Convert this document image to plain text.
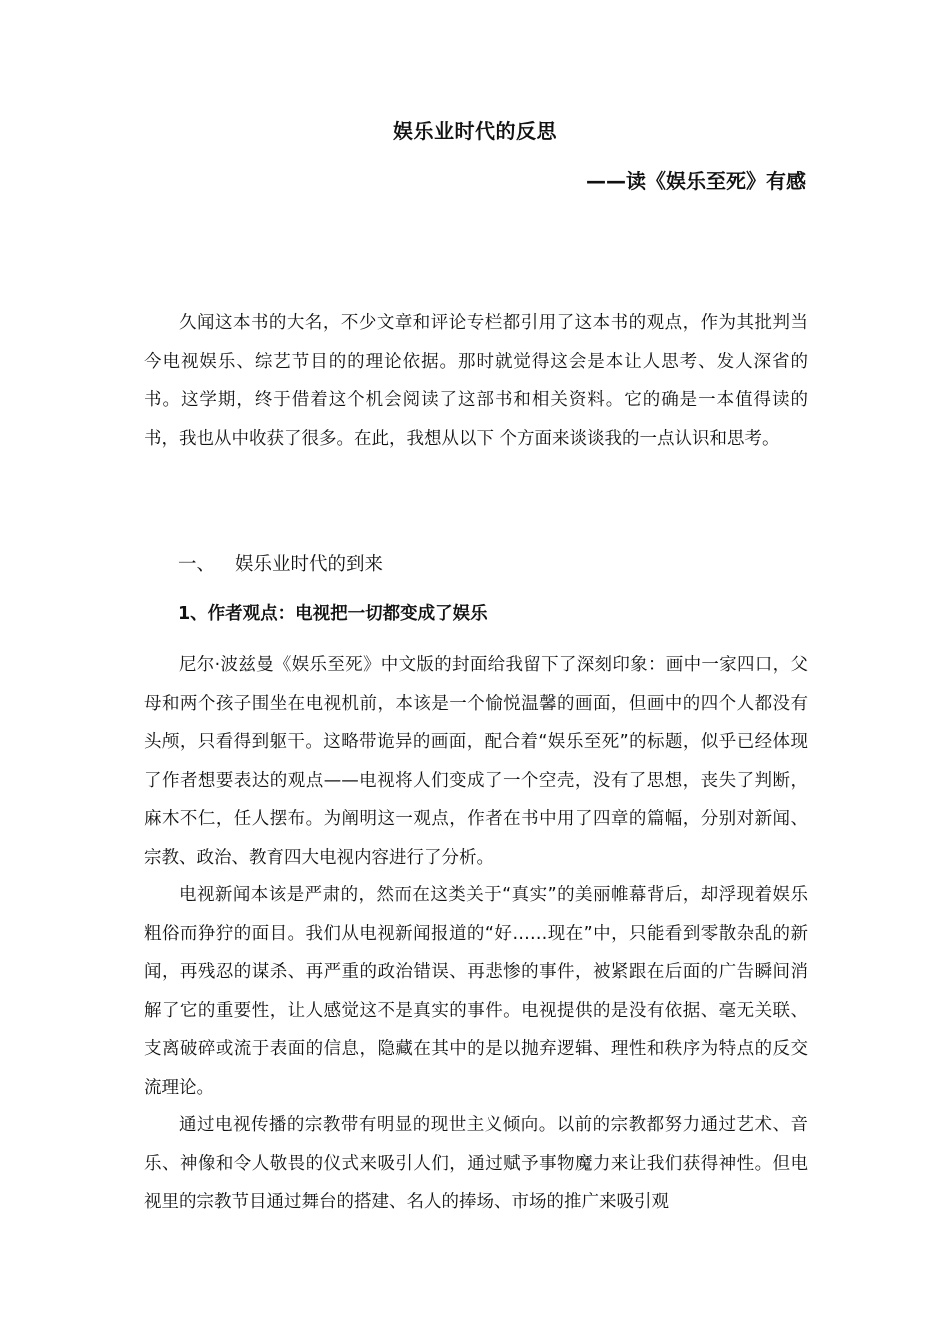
娱乐业时代的反思
——读《娱乐至死》有感

久闻这本书的大名，不少文章和评论专栏都引用了这本书的观点，作为其批判当今电视娱乐、综艺节目的的理论依据。那时就觉得这会是本让人思考、发人深省的书。这学期，终于借着这个机会阅读了这部书和相关资料。它的确是一本值得读的书，我也从中收获了很多。在此，我想从以下 个方面来谈谈我的一点认识和思考。

一、 娱乐业时代的到来
1、作者观点：电视把一切都变成了娱乐

尼尔·波兹曼《娱乐至死》中文版的封面给我留下了深刻印象：画中一家四口，父母和两个孩子围坐在电视机前，本该是一个愉悦温馨的画面，但画中的四个人都没有头颅，只看得到躯干。这略带诡异的画面，配合着“娱乐至死”的标题，似乎已经体现了作者想要表达的观点——电视将人们变成了一个空壳，没有了思想，丧失了判断，麻木不仁，任人摆布。为阐明这一观点，作者在书中用了四章的篇幅，分别对新闻、宗教、政治、教育四大电视内容进行了分析。

电视新闻本该是严肃的，然而在这类关于“真实”的美丽帷幕背后，却浮现着娱乐粗俗而狰狞的面目。我们从电视新闻报道的“好……现在”中，只能看到零散杂乱的新闻，再残忍的谋杀、再严重的政治错误、再悲惨的事件，被紧跟在后面的广告瞬间消解了它的重要性，让人感觉这不是真实的事件。电视提供的是没有依据、毫无关联、支离破碎或流于表面的信息，隐藏在其中的是以抛弃逻辑、理性和秩序为特点的反交流理论。

通过电视传播的宗教带有明显的现世主义倾向。以前的宗教都努力通过艺术、音乐、神像和令人敬畏的仪式来吸引人们，通过赋予事物魔力来让我们获得神性。但电视里的宗教节目通过舞台的搭建、名人的捧场、市场的推广来吸引观
